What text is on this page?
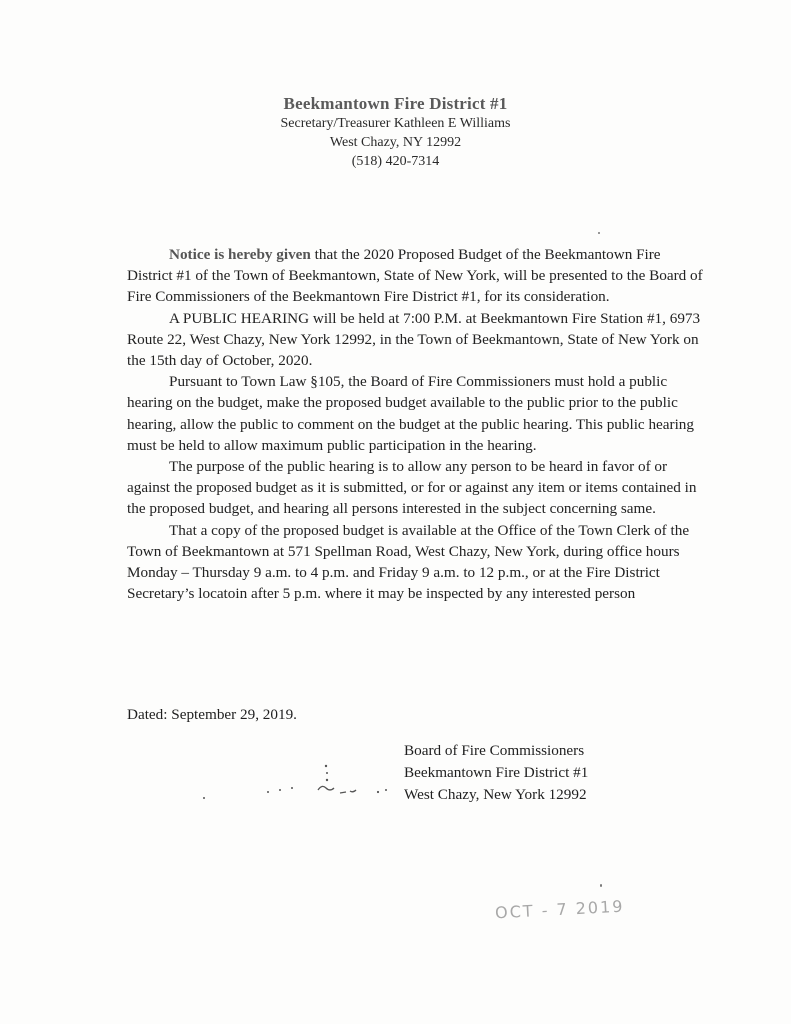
Beekmantown Fire District #1
Secretary/Treasurer Kathleen E Williams
West Chazy, NY 12992
(518) 420-7314

Notice is hereby given that the 2020 Proposed Budget of the Beekmantown Fire District #1 of the Town of Beekmantown, State of New York, will be presented to the Board of Fire Commissioners of the Beekmantown Fire District #1, for its consideration.

A PUBLIC HEARING will be held at 7:00 P.M. at Beekmantown Fire Station #1, 6973 Route 22, West Chazy, New York 12992, in the Town of Beekmantown, State of New York on the 15th day of October, 2020.

Pursuant to Town Law §105, the Board of Fire Commissioners must hold a public hearing on the budget, make the proposed budget available to the public prior to the public hearing, allow the public to comment on the budget at the public hearing. This public hearing must be held to allow maximum public participation in the hearing.

The purpose of the public hearing is to allow any person to be heard in favor of or against the proposed budget as it is submitted, or for or against any item or items contained in the proposed budget, and hearing all persons interested in the subject concerning same.

That a copy of the proposed budget is available at the Office of the Town Clerk of the Town of Beekmantown at 571 Spellman Road, West Chazy, New York, during office hours Monday – Thursday 9 a.m. to 4 p.m. and Friday 9 a.m. to 12 p.m., or at the Fire District Secretary’s locatoin after 5 p.m. where it may be inspected by any interested person

Dated: September 29, 2019.
Board of Fire Commissioners
Beekmantown Fire District #1
West Chazy, New York 12992
OCT - 7 2019
